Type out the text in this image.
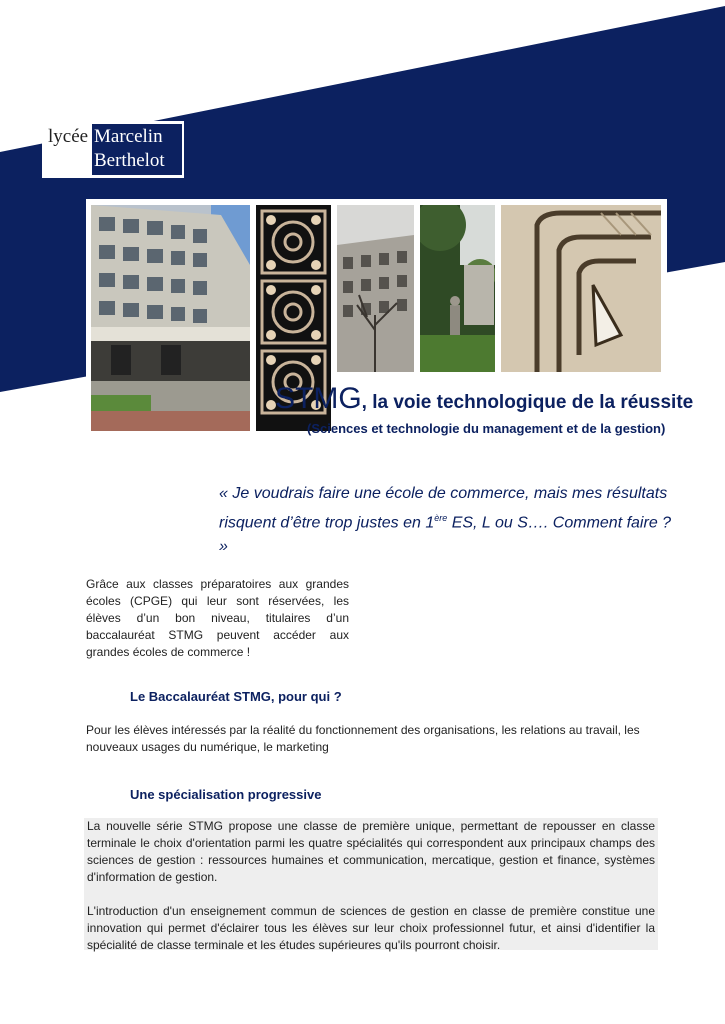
lycée Marcelin
Berthelot
STMG, la voie technologique de la réussite
(Sciences et technologie du management et de la gestion)
« Je voudrais faire une école de commerce, mais mes résultats
risquent d’être trop justes en 1ère ES, L ou S…. Comment faire ? »
Grâce aux classes préparatoires aux grandes écoles (CPGE) qui leur sont réservées, les élèves d’un bon niveau, titulaires d’un baccalauréat STMG peuvent accéder aux grandes écoles de commerce !
Le Baccalauréat STMG, pour qui ?
Pour les élèves intéressés par la réalité du fonctionnement des organisations, les relations au travail, les nouveaux usages du numérique, le marketing
Une spécialisation progressive

La nouvelle série STMG propose une classe de première unique, permettant de repousser en classe terminale le choix d'orientation parmi les quatre spécialités qui correspondent aux principaux champs des sciences de gestion : ressources humaines et communication, mercatique, gestion et finance, systèmes d'information de gestion.

L'introduction d'un enseignement commun de sciences de gestion en classe de première constitue une innovation qui permet d'éclairer tous les élèves sur leur choix professionnel futur, et ainsi d'identifier la spécialité de classe terminale et les études supérieures qu'ils pourront choisir.
